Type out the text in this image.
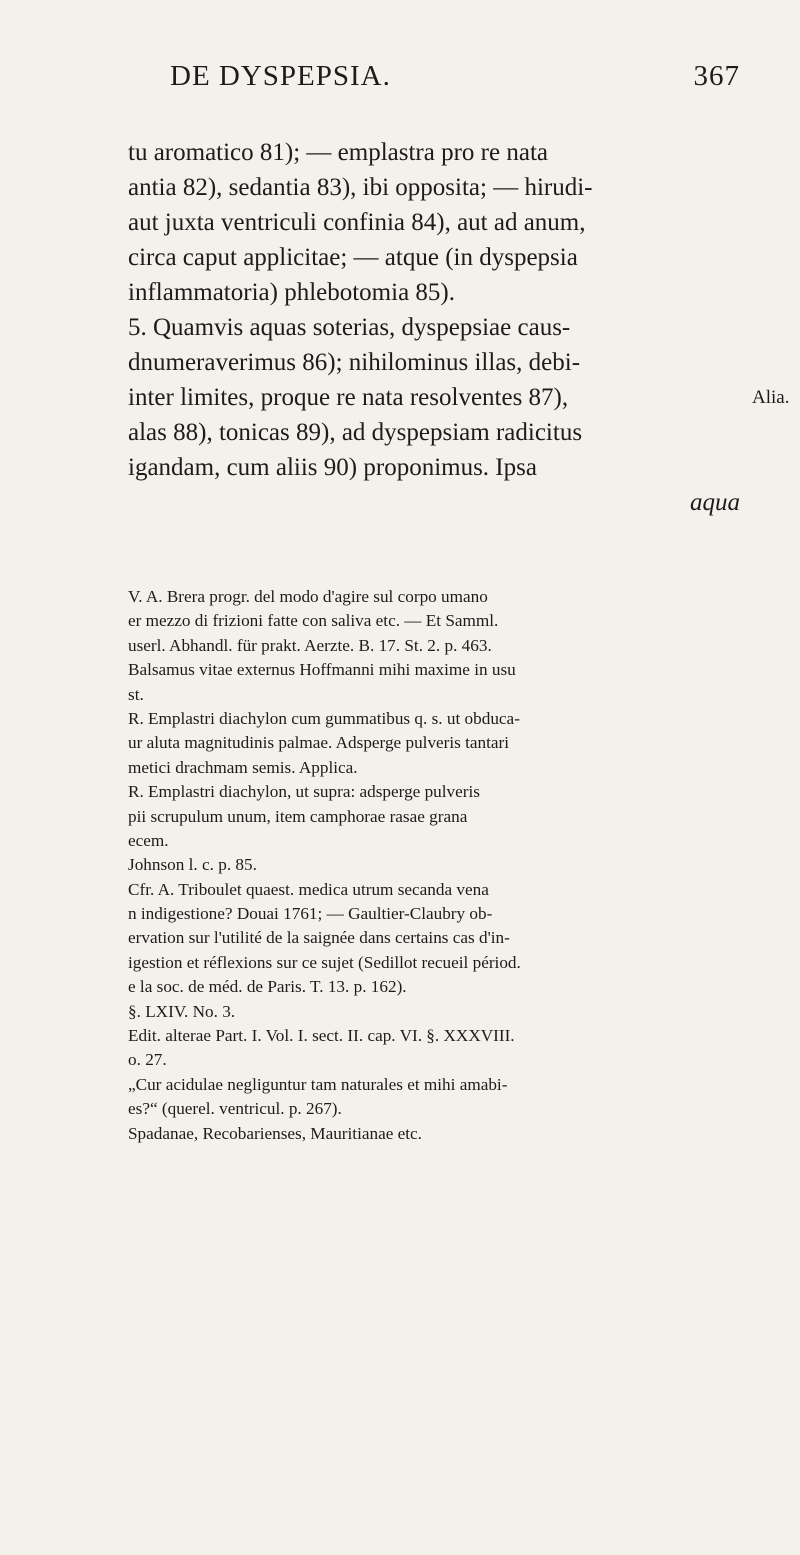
DE DYSPEPSIA.	367
tu aromatico 81); — emplastra pro re nata
antia 82), sedantia 83), ibi opposita; — hirudi-
aut juxta ventriculi confinia 84), aut ad anum,
circa caput applicitae; — atque (in dyspepsia
inflammatoria) phlebotomia 85).
5. Quamvis aquas soterias, dyspepsiae caus-
dnumeraverimus 86); nihilominus illas, debi-
inter limites, proque re nata resolventes 87),
alas 88), tonicas 89), ad dyspepsiam radicitus
igandam, cum aliis 90) proponimus. Ipsa
aqua
Alia.
V. A. Brera progr. del modo d'agire sul corpo umano
er mezzo di frizioni fatte con saliva etc. — Et Samml.
userl. Abhandl. für prakt. Aerzte. B. 17. St. 2. p. 463.
Balsamus vitae externus Hoffmanni mihi maxime in usu
st.
R. Emplastri diachylon cum gummatibus q. s. ut obduca-
ur aluta magnitudinis palmae. Adsperge pulveris tantari
metici drachmam semis. Applica.
R. Emplastri diachylon, ut supra: adsperge pulveris
pii scrupulum unum, item camphorae rasae grana
ecem.
Johnson l. c. p. 85.
Cfr. A. Triboulet quaest. medica utrum secanda vena
n indigestione? Douai 1761; — Gaultier-Claubry ob-
ervation sur l'utilité de la saignée dans certains cas d'in-
igestion et réflexions sur ce sujet (Sedillot recueil périod.
e la soc. de méd. de Paris. T. 13. p. 162).
§. LXIV. No. 3.
Edit. alterae Part. I. Vol. I. sect. II. cap. VI. §. XXXVIII.
o. 27.
„Cur acidulae negliguntur tam naturales et mihi amabi-
es?“ (querel. ventricul. p. 267).
Spadanae, Recobarienses, Mauritianae etc.
